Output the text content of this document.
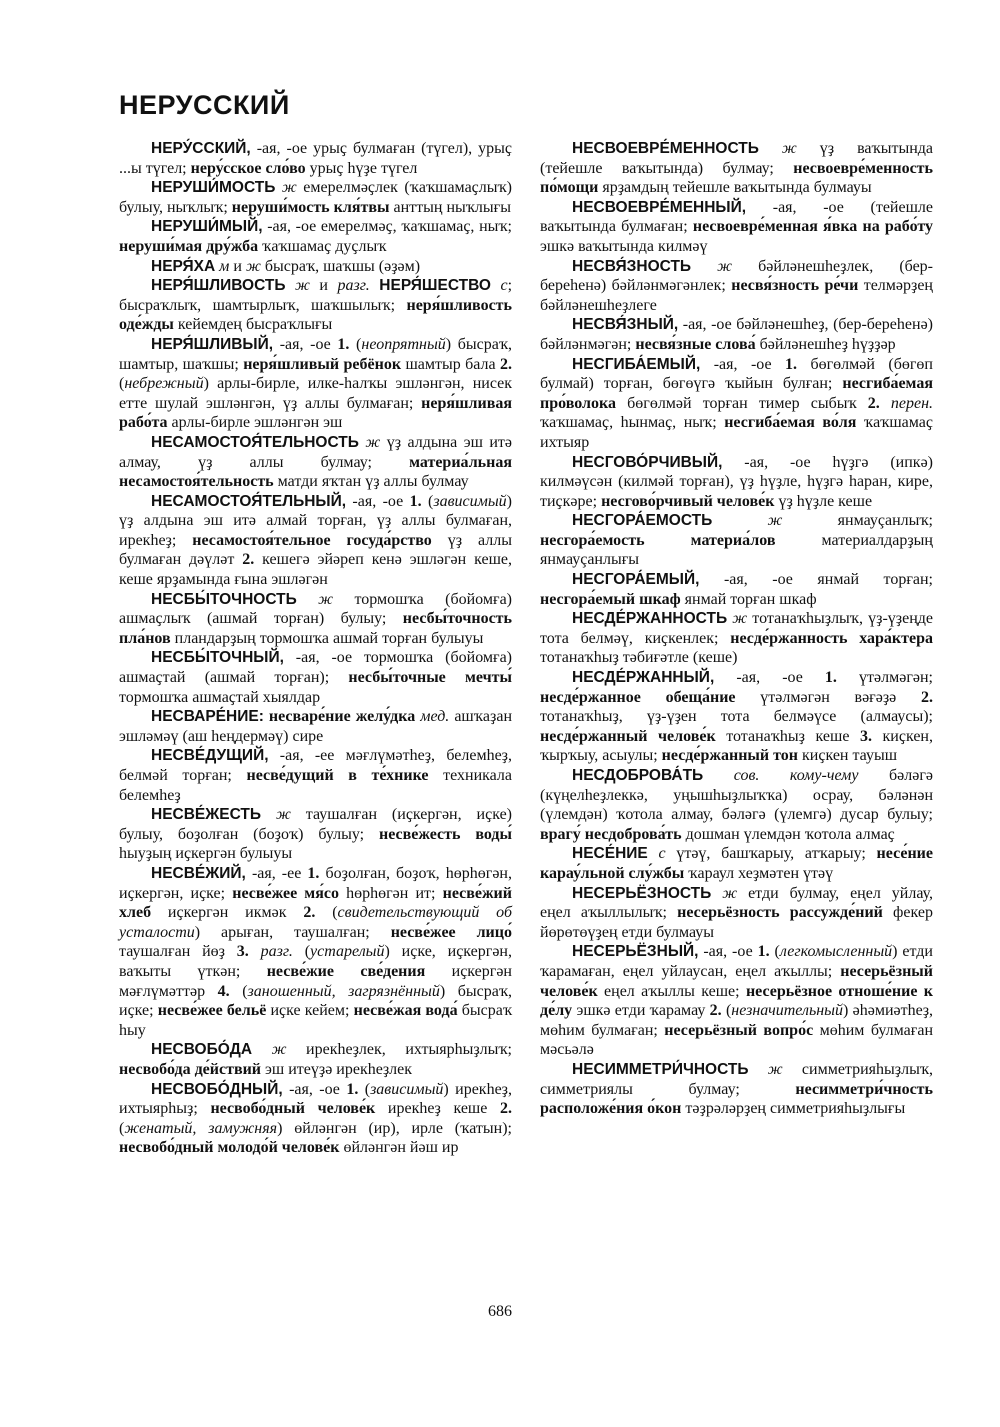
НЕРУССКИЙ

НЕРУ́ССКИЙ, -ая, -ое урыҫ булмаған (түгел), урыҫ ...ы түгел; неру́сское сло́во урыҫ һүҙе түгел

НЕРУШИ́МОСТЬ ж емерелмәҫлек (ҡаҡшамаҫлыҡ) булыу, ныҡлыҡ; неруши́мость кля́твы анттың ныҡлығы

НЕРУШИ́МЫЙ, -ая, -ое емерелмәҫ, ҡаҡшамаҫ, ныҡ; неруши́мая дру́жба ҡаҡшамаҫ дуҫлыҡ

НЕРЯ́ХА м и ж бысраҡ, шаҡшы (әҙәм)

НЕРЯ́ШЛИВОСТЬ ж и разг. НЕРЯ́ШЕСТВО с; бысраҡлыҡ, шамтырлыҡ, шаҡшылыҡ; неря́шливость оде́жды кейемдең бысраҡлығы

НЕРЯ́ШЛИВЫЙ, -ая, -ое 1. (неопрятный) бысраҡ, шамтыр, шаҡшы; неря́шливый ребёнок шамтыр бала 2. (небрежный) арлы-бирле, илке-һалҡы эшләнгән, нисек етте шулай эшләнгән, үҙ аллы булмаған; неря́шливая рабо́та арлы-бирле эшләнгән эш

НЕСАМОСТОЯ́ТЕЛЬНОСТЬ ж үҙ алдына эш итә алмау, үҙ аллы булмау; материа́льная несамостоя́тельность матди яҡтан үҙ аллы булмау

НЕСАМОСТОЯ́ТЕЛЬНЫЙ, -ая, -ое 1. (зависимый) үҙ алдына эш итә алмай торған, үҙ аллы булмаған, ирекһеҙ; несамостоя́тельное госуда́рство үҙ аллы булмаған дәүләт 2. кешегә эйәреп кенә эшләгән кеше, кеше ярҙамында ғына эшләгән

НЕСБЫ́ТОЧНОСТЬ ж тормошҡа (бойомға) ашмаҫлыҡ (ашмай торған) булыу; несбы́точность пла́нов пландарҙың тормошҡа ашмай торған булыуы

НЕСБЫ́ТОЧНЫЙ, -ая, -ое тормошҡа (бойомға) ашмаҫтай (ашмай торған); несбы́точные мечты́ тормошҡа ашмаҫтай хыялдар

НЕСВАРЕ́НИЕ: несваре́ние желу́дка мед. ашҡаҙан эшләмәү (аш һеңдермәү) сире

НЕСВЕ́ДУЩИЙ, -ая, -ее мәғлүмәтһеҙ, белемһеҙ, белмәй торған; несве́дущий в те́хнике техникала белемһеҙ

НЕСВЕ́ЖЕСТЬ ж таушалған (иҫкергән, иҫке) булыу, боҙолған (боҙоҡ) булыу; несве́жесть воды́ һыуҙың иҫкергән булыуы

НЕСВЕ́ЖИЙ, -ая, -ее 1. боҙолған, боҙоҡ, һөрһөгән, иҫкергән, иҫке; несве́жее мя́со һөрһөгән ит; несве́жий хлеб иҫкергән икмәк 2. (свидетельствующий об усталости) арыған, таушалған; несве́жее лицо́ таушалған йөҙ 3. разг. (устарелый) иҫке, иҫкергән, ваҡыты үткән; несве́жие све́дения иҫкергән мәғлүмәттәр 4. (заношенный, загрязнённый) бысраҡ, иҫке; несве́жее бельё иҫке кейем; несве́жая вода́ бысраҡ һыу

НЕСВОБО́ДА ж ирекһеҙлек, ихтыярһыҙлыҡ; несвобо́да де́йствий эш итеүҙә ирекһеҙлек

НЕСВОБО́ДНЫЙ, -ая, -ое 1. (зависимый) ирекһеҙ, ихтыярһыҙ; несвобо́дный челове́к ирекһеҙ кеше 2. (женатый, замужняя) өйләнгән (ир), ирле (ҡатын); несвобо́дный молодо́й челове́к өйләнгән йәш ир

НЕСВОЕВРЕ́МЕННОСТЬ ж үҙ ваҡытында (тейешле ваҡытында) булмау; несвоевре́менность по́мощи ярҙамдың тейешле ваҡытында булмауы

НЕСВОЕВРЕ́МЕННЫЙ, -ая, -ое (тейешле ваҡытында булмаған; несвоевре́менная я́вка на рабо́ту эшкә ваҡытында килмәү

НЕСВЯ́ЗНОСТЬ ж бәйләнешһеҙлек, (бер-береһенә) бәйләнмәгәнлек; несвя́зность ре́чи телмәрҙең бәйләнешһеҙлеге

НЕСВЯ́ЗНЫЙ, -ая, -ое бәйләнешһеҙ, (бер-береһенә) бәйләнмәгән; несвя́зные слова́ бәйләнешһеҙ һүҙҙәр

НЕСГИБА́ЕМЫЙ, -ая, -ое 1. бөгөлмәй (бөгөп булмай) торған, бөгөүгә ҡыйын булған; несгиба́емая про́волока бөгөлмәй торған тимер сыбыҡ 2. перен. ҡаҡшамаҫ, һынмаҫ, ныҡ; несгиба́емая во́ля ҡаҡшамаҫ ихтыяр

НЕСГОВО́РЧИВЫЙ, -ая, -ое һүҙгә (ипкә) килмәүсән (килмәй торған), үҙ һүҙле, һүҙгә һаран, кире, тиҫкәре; несгово́рчивый челове́к үҙ һүҙле кеше

НЕСГОРА́ЕМОСТЬ	ж янмауçанлыҡ; несгора́емость материа́лов материалдарҙың янмауçанлығы

НЕСГОРА́ЕМЫЙ, -ая, -ое янмай торған; несгора́емый шкаф янмай торған шкаф

НЕСДЕ́РЖАННОСТЬ ж тотанаҡһыҙлыҡ, үҙ-үҙеңде тота белмәү, киҫкенлек; несде́ржанность хара́ктера тотанаҡһыҙ тәбиғәтле (кеше)

НЕСДЕ́РЖАННЫЙ, -ая, -ое 1. үтәлмәгән; несде́ржанное обеща́ние үтәлмәгән вәғәҙә 2. тотанаҡһыҙ, үҙ-үҙен тота белмәүсе (алмаусы); несде́ржанный челове́к тотанаҡһыҙ кеше 3. киҫкен, ҡырҡыу, асыулы; несде́ржанный тон киҫкен тауыш

НЕСДОБРОВА́ТЬ сов. кому-чему бәләгә (күңелһеҙлеккә, уңышһыҙлыҡҡа) осрау, бәләнән (үлемдән) ҡотола алмау, бәләгә (үлемгә) дусар булыу; врагу́ несдоброва́ть дошман үлемдән ҡотола алмаҫ

НЕСЕ́НИЕ с үтәү, башҡарыу, атҡарыу; несе́ние карау́льной слу́жбы ҡараул хеҙмәтен үтәү

НЕСЕРЬЁЗНОСТЬ ж етди булмау, еңел уйлау, еңел аҡыллылыҡ; несерьёзность рассужде́ний фекер йөрөтөүҙең етди булмауы

НЕСЕРЬЁЗНЫЙ, -ая, -ое 1. (легкомысленный) етди ҡарамаған, еңел уйлаусан, еңел аҡыллы; несерьёзный челове́к еңел аҡыллы кеше; несерьёзное отноше́ние к де́лу эшкә етди ҡарамау 2. (незначительный) әһәмиәтһеҙ, мөһим булмаған; несерьёзный вопро́с мөһим булмаған мәсьәлә

НЕСИММЕТРИ́ЧНОСТЬ ж симметрияһыҙлыҡ, симметриялы булмау; несимметри́чность расположе́ния о́кон тәҙрәләрҙең симметрияһыҙлығы

686
